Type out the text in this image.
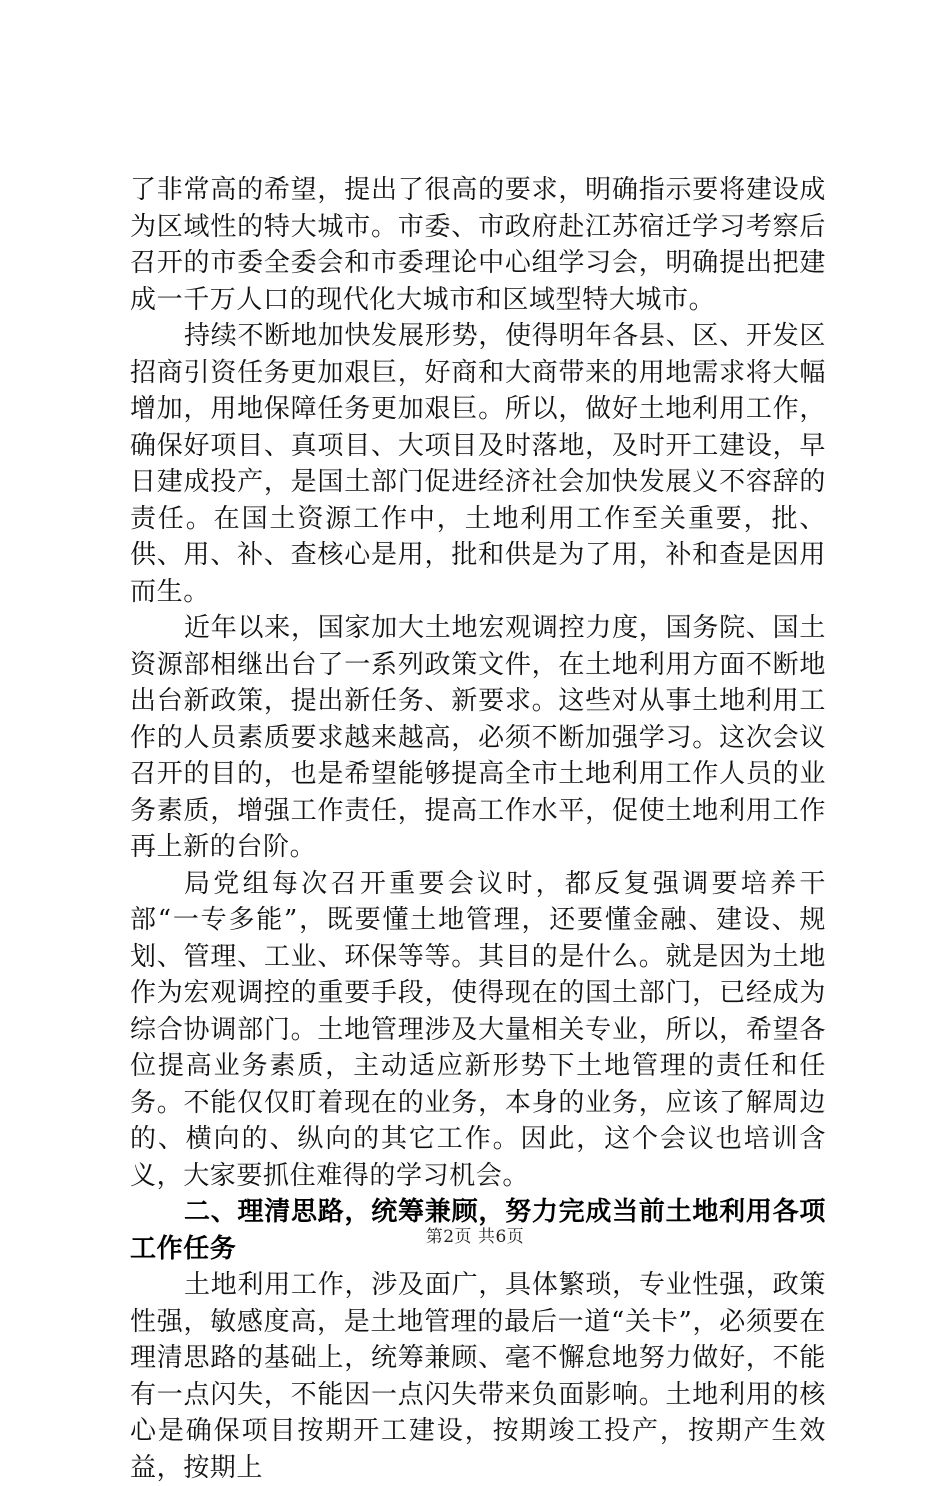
了非常高的希望，提出了很高的要求，明确指示要将建设成为区域性的特大城市。市委、市政府赴江苏宿迁学习考察后召开的市委全委会和市委理论中心组学习会，明确提出把建成一千万人口的现代化大城市和区域型特大城市。

持续不断地加快发展形势，使得明年各县、区、开发区招商引资任务更加艰巨，好商和大商带来的用地需求将大幅增加，用地保障任务更加艰巨。所以，做好土地利用工作，确保好项目、真项目、大项目及时落地，及时开工建设，早日建成投产，是国土部门促进经济社会加快发展义不容辞的责任。在国土资源工作中，土地利用工作至关重要，批、供、用、补、查核心是用，批和供是为了用，补和查是因用而生。

近年以来，国家加大土地宏观调控力度，国务院、国土资源部相继出台了一系列政策文件，在土地利用方面不断地出台新政策，提出新任务、新要求。这些对从事土地利用工作的人员素质要求越来越高，必须不断加强学习。这次会议召开的目的，也是希望能够提高全市土地利用工作人员的业务素质，增强工作责任，提高工作水平，促使土地利用工作再上新的台阶。

局党组每次召开重要会议时，都反复强调要培养干部“一专多能”，既要懂土地管理，还要懂金融、建设、规划、管理、工业、环保等等。其目的是什么。就是因为土地作为宏观调控的重要手段，使得现在的国土部门，已经成为综合协调部门。土地管理涉及大量相关专业，所以，希望各位提高业务素质，主动适应新形势下土地管理的责任和任务。不能仅仅盯着现在的业务，本身的业务，应该了解周边的、横向的、纵向的其它工作。因此，这个会议也培训含义，大家要抓住难得的学习机会。

二、理清思路，统筹兼顾，努力完成当前土地利用各项工作任务

土地利用工作，涉及面广，具体繁琐，专业性强，政策性强，敏感度高，是土地管理的最后一道“关卡”，必须要在理清思路的基础上，统筹兼顾、毫不懈怠地努力做好，不能有一点闪失，不能因一点闪失带来负面影响。土地利用的核心是确保项目按期开工建设，按期竣工投产，按期产生效益，按期上

第2页 共6页
